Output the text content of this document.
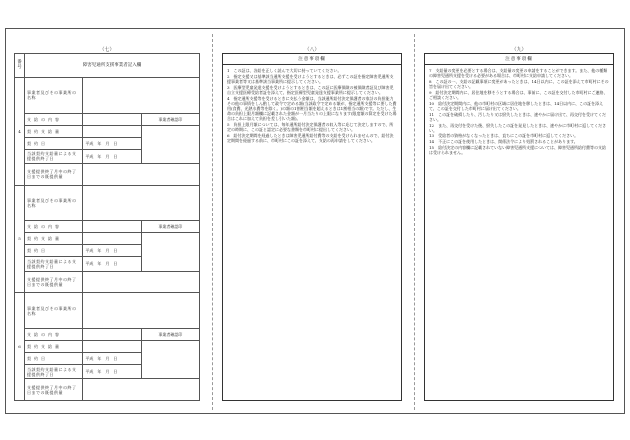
（七）	（八）	（九）
番号	障害児通所支援事業者記入欄		
4	事業者及びその事業所の名称		
	支給の内容		事業者確認印
	契約支給量		
	契約日	平成　年　月　日	
	当該契約支給量による支援提供終了日	平成　年　月　日	
	支援提供終了月中の終了日までの既提供量		
5	事業者及びその事業所の名称		
	支給の内容		事業者確認印
	契約支給量		
	契約日	平成　年　月　日	
	当該契約支給量による支援提供終了日	平成　年　月　日	
	支援提供終了月中の終了日までの既提供量		
6	事業者及びその事業所の名称		
	支給の内容		事業者確認印
	契約支給量		
	契約日	平成　年　月　日	
	当該契約支給量による支援提供終了日	平成　年　月　日	
	支援提供終了月中の終了日までの既提供量		
注意事項欄

1　この証は、各給を正しく読んで大切に持っていてください。

2　指定支援又は基準該当通所支援を受けようとするときは、必ずこの証を指定障害児通所支援事業者等又は基準該当事業所に提示してください。

3　医療型児童発達支援を受けようとするときは、この証に医療保険の被保険者証及び障害児自立支援医療受給者証を添えて、指定医療型児童発達支援事業所に提示してください。

4　指定通所支援等を受けるときに支払う金額は、当該通所給付決定保護者の家計の負担能力その他の事情をしん酌して政令で定める額(当該政令で定める額が、指定通所支援等に要した費用(食費、光熱水費等を除く。)の額の1割相当額を超えるときは1割相当の額)です。ただし、生命の負担上限月額欄に記載された金額が一月当たりの上限になります(限度額の算定を受けた場合はこれに加えて負担を差し引いた額)。

5　負担上限月額については、毎年通所給付決定保護者の収入等に応じて決定しますので、所定の時期に、この証と認定に必要な書類を市町村に提出してください。

6　給付決定期間を経過したときは障害児通所給付費等の支給を受けられませんので、給付決定期間を経過する前に、市町村にこの証を添えて、支給の再申請をしてください。

注意事項欄

7　支給量の変更を必要とする場合は、支給量の変更の申請をすることができます。また、他の種類の障害児通所支援を受ける必要がある場合は、市町村に支給申請してください。

8　この証の一、支給の記載事項に変更があったときは、14日以内に、この証を添えて市町村にその旨を届け出てください。

9　給付決定期間内に、居住地を移そうとする場合は、事前に、この証を交付した市町村にご連絡、ご相談ください。

10　給付決定期間内に、他の市町村の区域に居住地を移したときは、14日以内に、この証を添えて、この証を交付した市町村に届け出てください。

11　この証を破損したり、汚したり又は紛失したときは、速やかに届け出て、再交付を受けてください。

12　また、再交付を受けた後、紛失したこの証を発見したときは、速やかに市町村に返してください。

13　受給者の資格がなくなったときは、直ちにこの証を市町村に返してください。

14　不正にこの証を使用したときは、関係法令により処罰されることがあります。

15　給付決定の内容欄に記載されていない障害児通所支援については、障害児通所給付費等の支給は受けられません。
